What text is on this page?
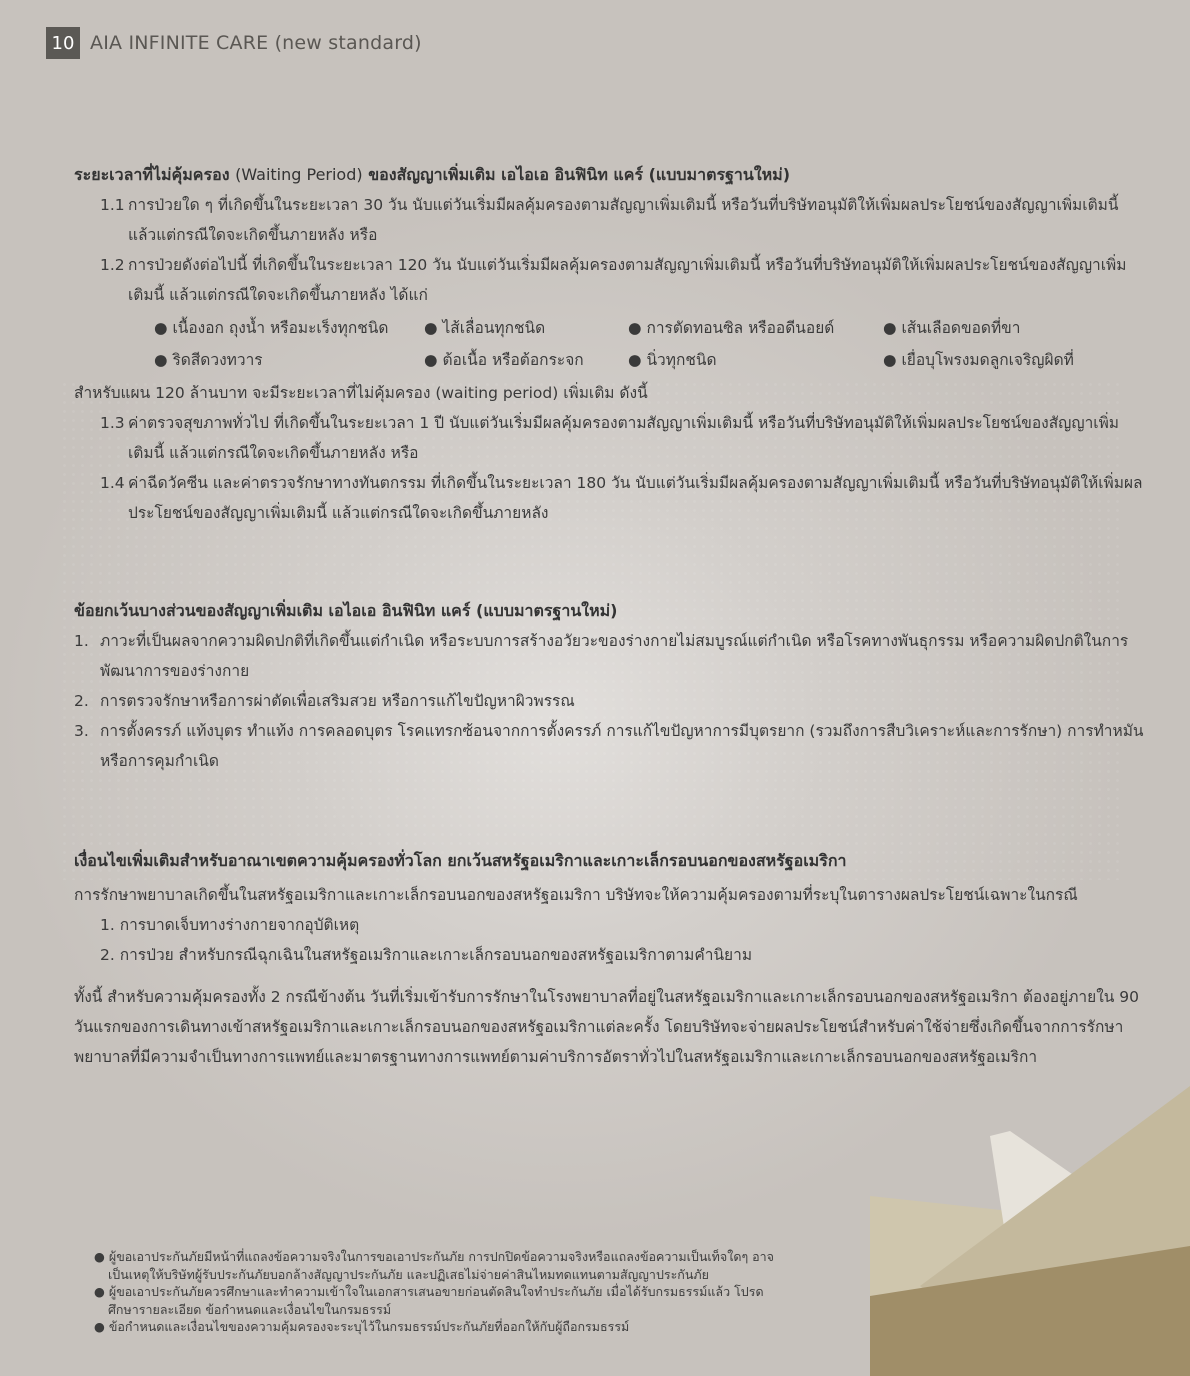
10 AIA INFINITE CARE (new standard)

ระยะเวลาที่ไม่คุ้มครอง (Waiting Period) ของสัญญาเพิ่มเติม เอไอเอ อินฟินิท แคร์ (แบบมาตรฐานใหม่)

1.1 การป่วยใด ๆ ที่เกิดขึ้นในระยะเวลา 30 วัน นับแต่วันเริ่มมีผลคุ้มครองตามสัญญาเพิ่มเติมนี้ หรือวันที่บริษัทอนุมัติให้เพิ่มผลประโยชน์ของสัญญาเพิ่มเติมนี้ แล้วแต่กรณีใดจะเกิดขึ้นภายหลัง หรือ

1.2 การป่วยดังต่อไปนี้ ที่เกิดขึ้นในระยะเวลา 120 วัน นับแต่วันเริ่มมีผลคุ้มครองตามสัญญาเพิ่มเติมนี้ หรือวันที่บริษัทอนุมัติให้เพิ่มผลประโยชน์ของสัญญาเพิ่มเติมนี้ แล้วแต่กรณีใดจะเกิดขึ้นภายหลัง ได้แก่

● เนื้องอก ถุงน้ำ หรือมะเร็งทุกชนิด	● ไส้เลื่อนทุกชนิด	● การตัดทอนซิล หรืออดีนอยด์	● เส้นเลือดขอดที่ขา
● ริดสีดวงทวาร	● ต้อเนื้อ หรือต้อกระจก	● นิ่วทุกชนิด	● เยื่อบุโพรงมดลูกเจริญผิดที่

สำหรับแผน 120 ล้านบาท จะมีระยะเวลาที่ไม่คุ้มครอง (waiting period) เพิ่มเติม ดังนี้

1.3 ค่าตรวจสุขภาพทั่วไป ที่เกิดขึ้นในระยะเวลา 1 ปี นับแต่วันเริ่มมีผลคุ้มครองตามสัญญาเพิ่มเติมนี้ หรือวันที่บริษัทอนุมัติให้เพิ่มผลประโยชน์ของสัญญาเพิ่มเติมนี้ แล้วแต่กรณีใดจะเกิดขึ้นภายหลัง หรือ

1.4 ค่าฉีดวัคซีน และค่าตรวจรักษาทางทันตกรรม ที่เกิดขึ้นในระยะเวลา 180 วัน นับแต่วันเริ่มมีผลคุ้มครองตามสัญญาเพิ่มเติมนี้ หรือวันที่บริษัทอนุมัติให้เพิ่มผลประโยชน์ของสัญญาเพิ่มเติมนี้ แล้วแต่กรณีใดจะเกิดขึ้นภายหลัง

ข้อยกเว้นบางส่วนของสัญญาเพิ่มเติม เอไอเอ อินฟินิท แคร์ (แบบมาตรฐานใหม่)

1. ภาวะที่เป็นผลจากความผิดปกติที่เกิดขึ้นแต่กำเนิด หรือระบบการสร้างอวัยวะของร่างกายไม่สมบูรณ์แต่กำเนิด หรือโรคทางพันธุกรรม หรือความผิดปกติในการพัฒนาการของร่างกาย

2. การตรวจรักษาหรือการผ่าตัดเพื่อเสริมสวย หรือการแก้ไขปัญหาผิวพรรณ

3. การตั้งครรภ์ แท้งบุตร ทำแท้ง การคลอดบุตร โรคแทรกซ้อนจากการตั้งครรภ์ การแก้ไขปัญหาการมีบุตรยาก (รวมถึงการสืบวิเคราะห์และการรักษา) การทำหมัน หรือการคุมกำเนิด

เงื่อนไขเพิ่มเติมสำหรับอาณาเขตความคุ้มครองทั่วโลก ยกเว้นสหรัฐอเมริกาและเกาะเล็กรอบนอกของสหรัฐอเมริกา

การรักษาพยาบาลเกิดขึ้นในสหรัฐอเมริกาและเกาะเล็กรอบนอกของสหรัฐอเมริกา บริษัทจะให้ความคุ้มครองตามที่ระบุในตารางผลประโยชน์เฉพาะในกรณี

1. การบาดเจ็บทางร่างกายจากอุบัติเหตุ

2. การป่วย สำหรับกรณีฉุกเฉินในสหรัฐอเมริกาและเกาะเล็กรอบนอกของสหรัฐอเมริกาตามคำนิยาม

ทั้งนี้ สำหรับความคุ้มครองทั้ง 2 กรณีข้างต้น วันที่เริ่มเข้ารับการรักษาในโรงพยาบาลที่อยู่ในสหรัฐอเมริกาและเกาะเล็กรอบนอกของสหรัฐอเมริกา ต้องอยู่ภายใน 90 วันแรกของการเดินทางเข้าสหรัฐอเมริกาและเกาะเล็กรอบนอกของสหรัฐอเมริกาแต่ละครั้ง โดยบริษัทจะจ่ายผลประโยชน์สำหรับค่าใช้จ่ายซึ่งเกิดขึ้นจากการรักษาพยาบาลที่มีความจำเป็นทางการแพทย์และมาตรฐานทางการแพทย์ตามค่าบริการอัตราทั่วไปในสหรัฐอเมริกาและเกาะเล็กรอบนอกของสหรัฐอเมริกา

● ผู้ขอเอาประกันภัยมีหน้าที่แถลงข้อความจริงในการขอเอาประกันภัย การปกปิดข้อความจริงหรือแถลงข้อความเป็นเท็จใดๆ อาจเป็นเหตุให้บริษัทผู้รับประกันภัยบอกล้างสัญญาประกันภัย และปฏิเสธไม่จ่ายค่าสินไหมทดแทนตามสัญญาประกันภัย

● ผู้ขอเอาประกันภัยควรศึกษาและทำความเข้าใจในเอกสารเสนอขายก่อนตัดสินใจทำประกันภัย เมื่อได้รับกรมธรรม์แล้ว โปรดศึกษารายละเอียด ข้อกำหนดและเงื่อนไขในกรมธรรม์

● ข้อกำหนดและเงื่อนไขของความคุ้มครองจะระบุไว้ในกรมธรรม์ประกันภัยที่ออกให้กับผู้ถือกรมธรรม์
